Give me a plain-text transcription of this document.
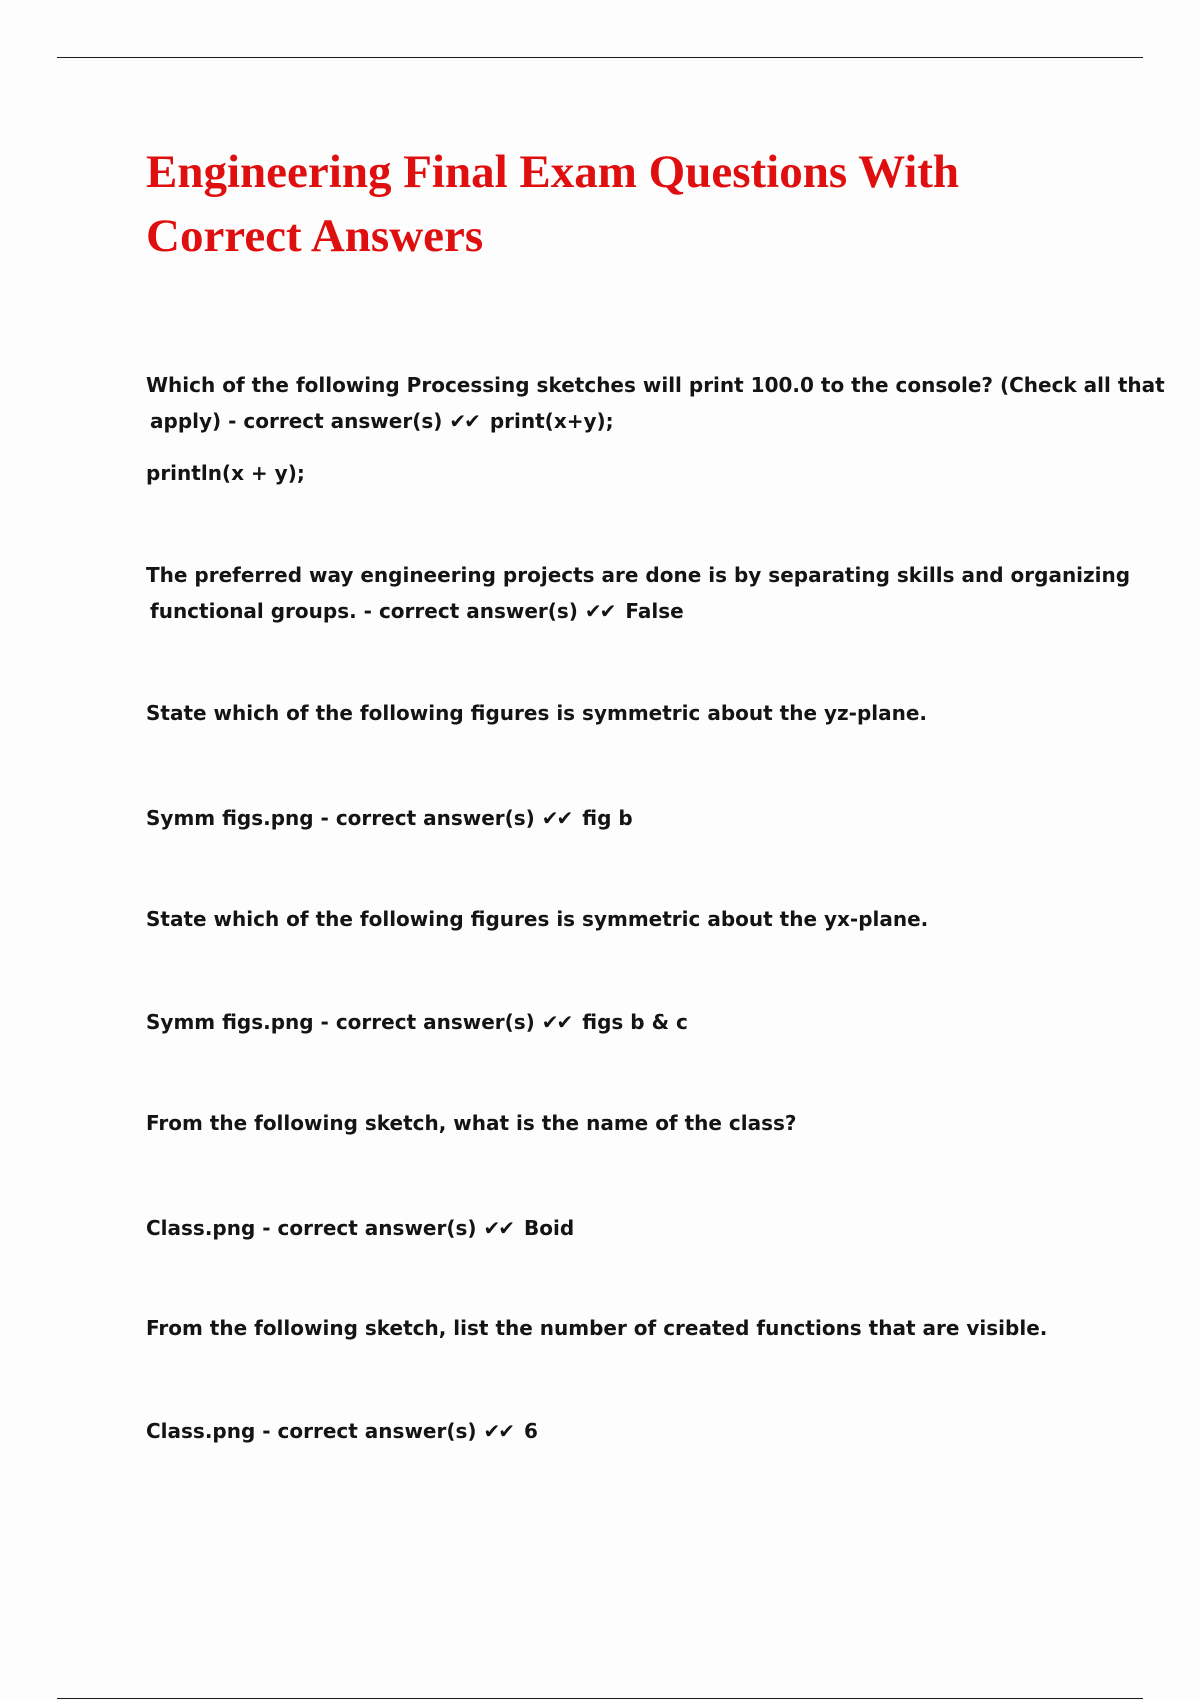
Engineering Final Exam Questions With
Correct Answers

Which of the following Processing sketches will print 100.0 to the console? (Check all that
apply) - correct answer(s) ✔✔ print(x+y);

println(x + y);

The preferred way engineering projects are done is by separating skills and organizing
functional groups. - correct answer(s) ✔✔ False

State which of the following figures is symmetric about the yz-plane.

Symm figs.png - correct answer(s) ✔✔ fig b

State which of the following figures is symmetric about the yx-plane.

Symm figs.png - correct answer(s) ✔✔ figs b & c

From the following sketch, what is the name of the class?

Class.png - correct answer(s) ✔✔ Boid

From the following sketch, list the number of created functions that are visible.

Class.png - correct answer(s) ✔✔ 6
